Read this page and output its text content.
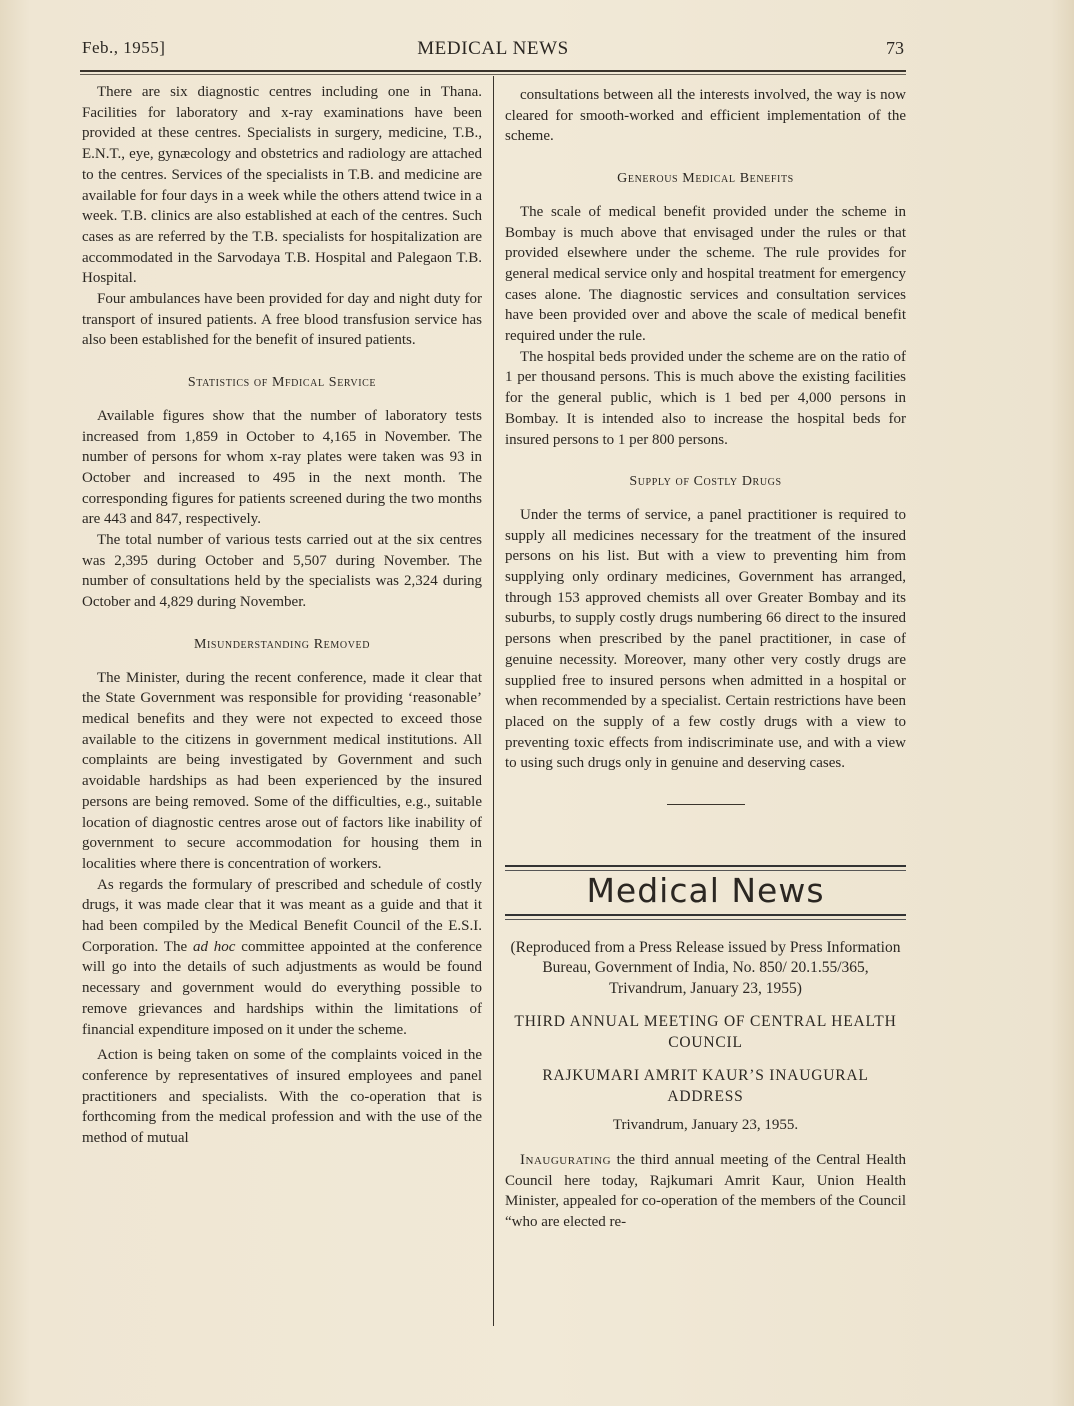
Feb., 1955]	MEDICAL NEWS	73

There are six diagnostic centres including one in Thana. Facilities for laboratory and x-ray examinations have been provided at these centres. Specialists in surgery, medicine, T.B., E.N.T., eye, gynæcology and obstetrics and radiology are attached to the centres. Services of the specialists in T.B. and medicine are available for four days in a week while the others attend twice in a week. T.B. clinics are also established at each of the centres. Such cases as are referred by the T.B. specialists for hospitalization are accommodated in the Sarvodaya T.B. Hospital and Palegaon T.B. Hospital.

Four ambulances have been provided for day and night duty for transport of insured patients. A free blood transfusion service has also been established for the benefit of insured patients.

Statistics of Mfdical Service

Available figures show that the number of laboratory tests increased from 1,859 in October to 4,165 in November. The number of persons for whom x-ray plates were taken was 93 in October and increased to 495 in the next month. The corresponding figures for patients screened during the two months are 443 and 847, respectively.

The total number of various tests carried out at the six centres was 2,395 during October and 5,507 during November. The number of consultations held by the specialists was 2,324 during October and 4,829 during November.

Misunderstanding Removed

The Minister, during the recent conference, made it clear that the State Government was responsible for providing ‘reasonable’ medical benefits and they were not expected to exceed those available to the citizens in government medical institutions. All complaints are being investigated by Government and such avoidable hardships as had been experienced by the insured persons are being removed. Some of the difficulties, e.g., suitable location of diagnostic centres arose out of factors like inability of government to secure accommodation for housing them in localities where there is concentration of workers.

As regards the formulary of prescribed and schedule of costly drugs, it was made clear that it was meant as a guide and that it had been compiled by the Medical Benefit Council of the E.S.I. Corporation. The ad hoc committee appointed at the conference will go into the details of such adjustments as would be found necessary and government would do everything possible to remove grievances and hardships within the limitations of financial expenditure imposed on it under the scheme.

Action is being taken on some of the complaints voiced in the conference by representatives of insured employees and panel practitioners and specialists. With the co-operation that is forthcoming from the medical profession and with the use of the method of mutual

consultations between all the interests involved, the way is now cleared for smooth-worked and efficient implementation of the scheme.

Generous Medical Benefits

The scale of medical benefit provided under the scheme in Bombay is much above that envisaged under the rules or that provided elsewhere under the scheme. The rule provides for general medical service only and hospital treatment for emergency cases alone. The diagnostic services and consultation services have been provided over and above the scale of medical benefit required under the rule.

The hospital beds provided under the scheme are on the ratio of 1 per thousand persons. This is much above the existing facilities for the general public, which is 1 bed per 4,000 persons in Bombay. It is intended also to increase the hospital beds for insured persons to 1 per 800 persons.

Supply of Costly Drugs

Under the terms of service, a panel practitioner is required to supply all medicines necessary for the treatment of the insured persons on his list. But with a view to preventing him from supplying only ordinary medicines, Government has arranged, through 153 approved chemists all over Greater Bombay and its suburbs, to supply costly drugs numbering 66 direct to the insured persons when prescribed by the panel practitioner, in case of genuine necessity. Moreover, many other very costly drugs are supplied free to insured persons when admitted in a hospital or when recommended by a specialist. Certain restrictions have been placed on the supply of a few costly drugs with a view to preventing toxic effects from indiscriminate use, and with a view to using such drugs only in genuine and deserving cases.

Medical News

(Reproduced from a Press Release issued by Press Information Bureau, Government of India, No. 850/ 20.1.55/365, Trivandrum, January 23, 1955)

THIRD ANNUAL MEETING OF CENTRAL HEALTH COUNCIL

RAJKUMARI AMRIT KAUR’S INAUGURAL ADDRESS

Trivandrum, January 23, 1955.

Inaugurating the third annual meeting of the Central Health Council here today, Rajkumari Amrit Kaur, Union Health Minister, appealed for co-operation of the members of the Council “who are elected re-
